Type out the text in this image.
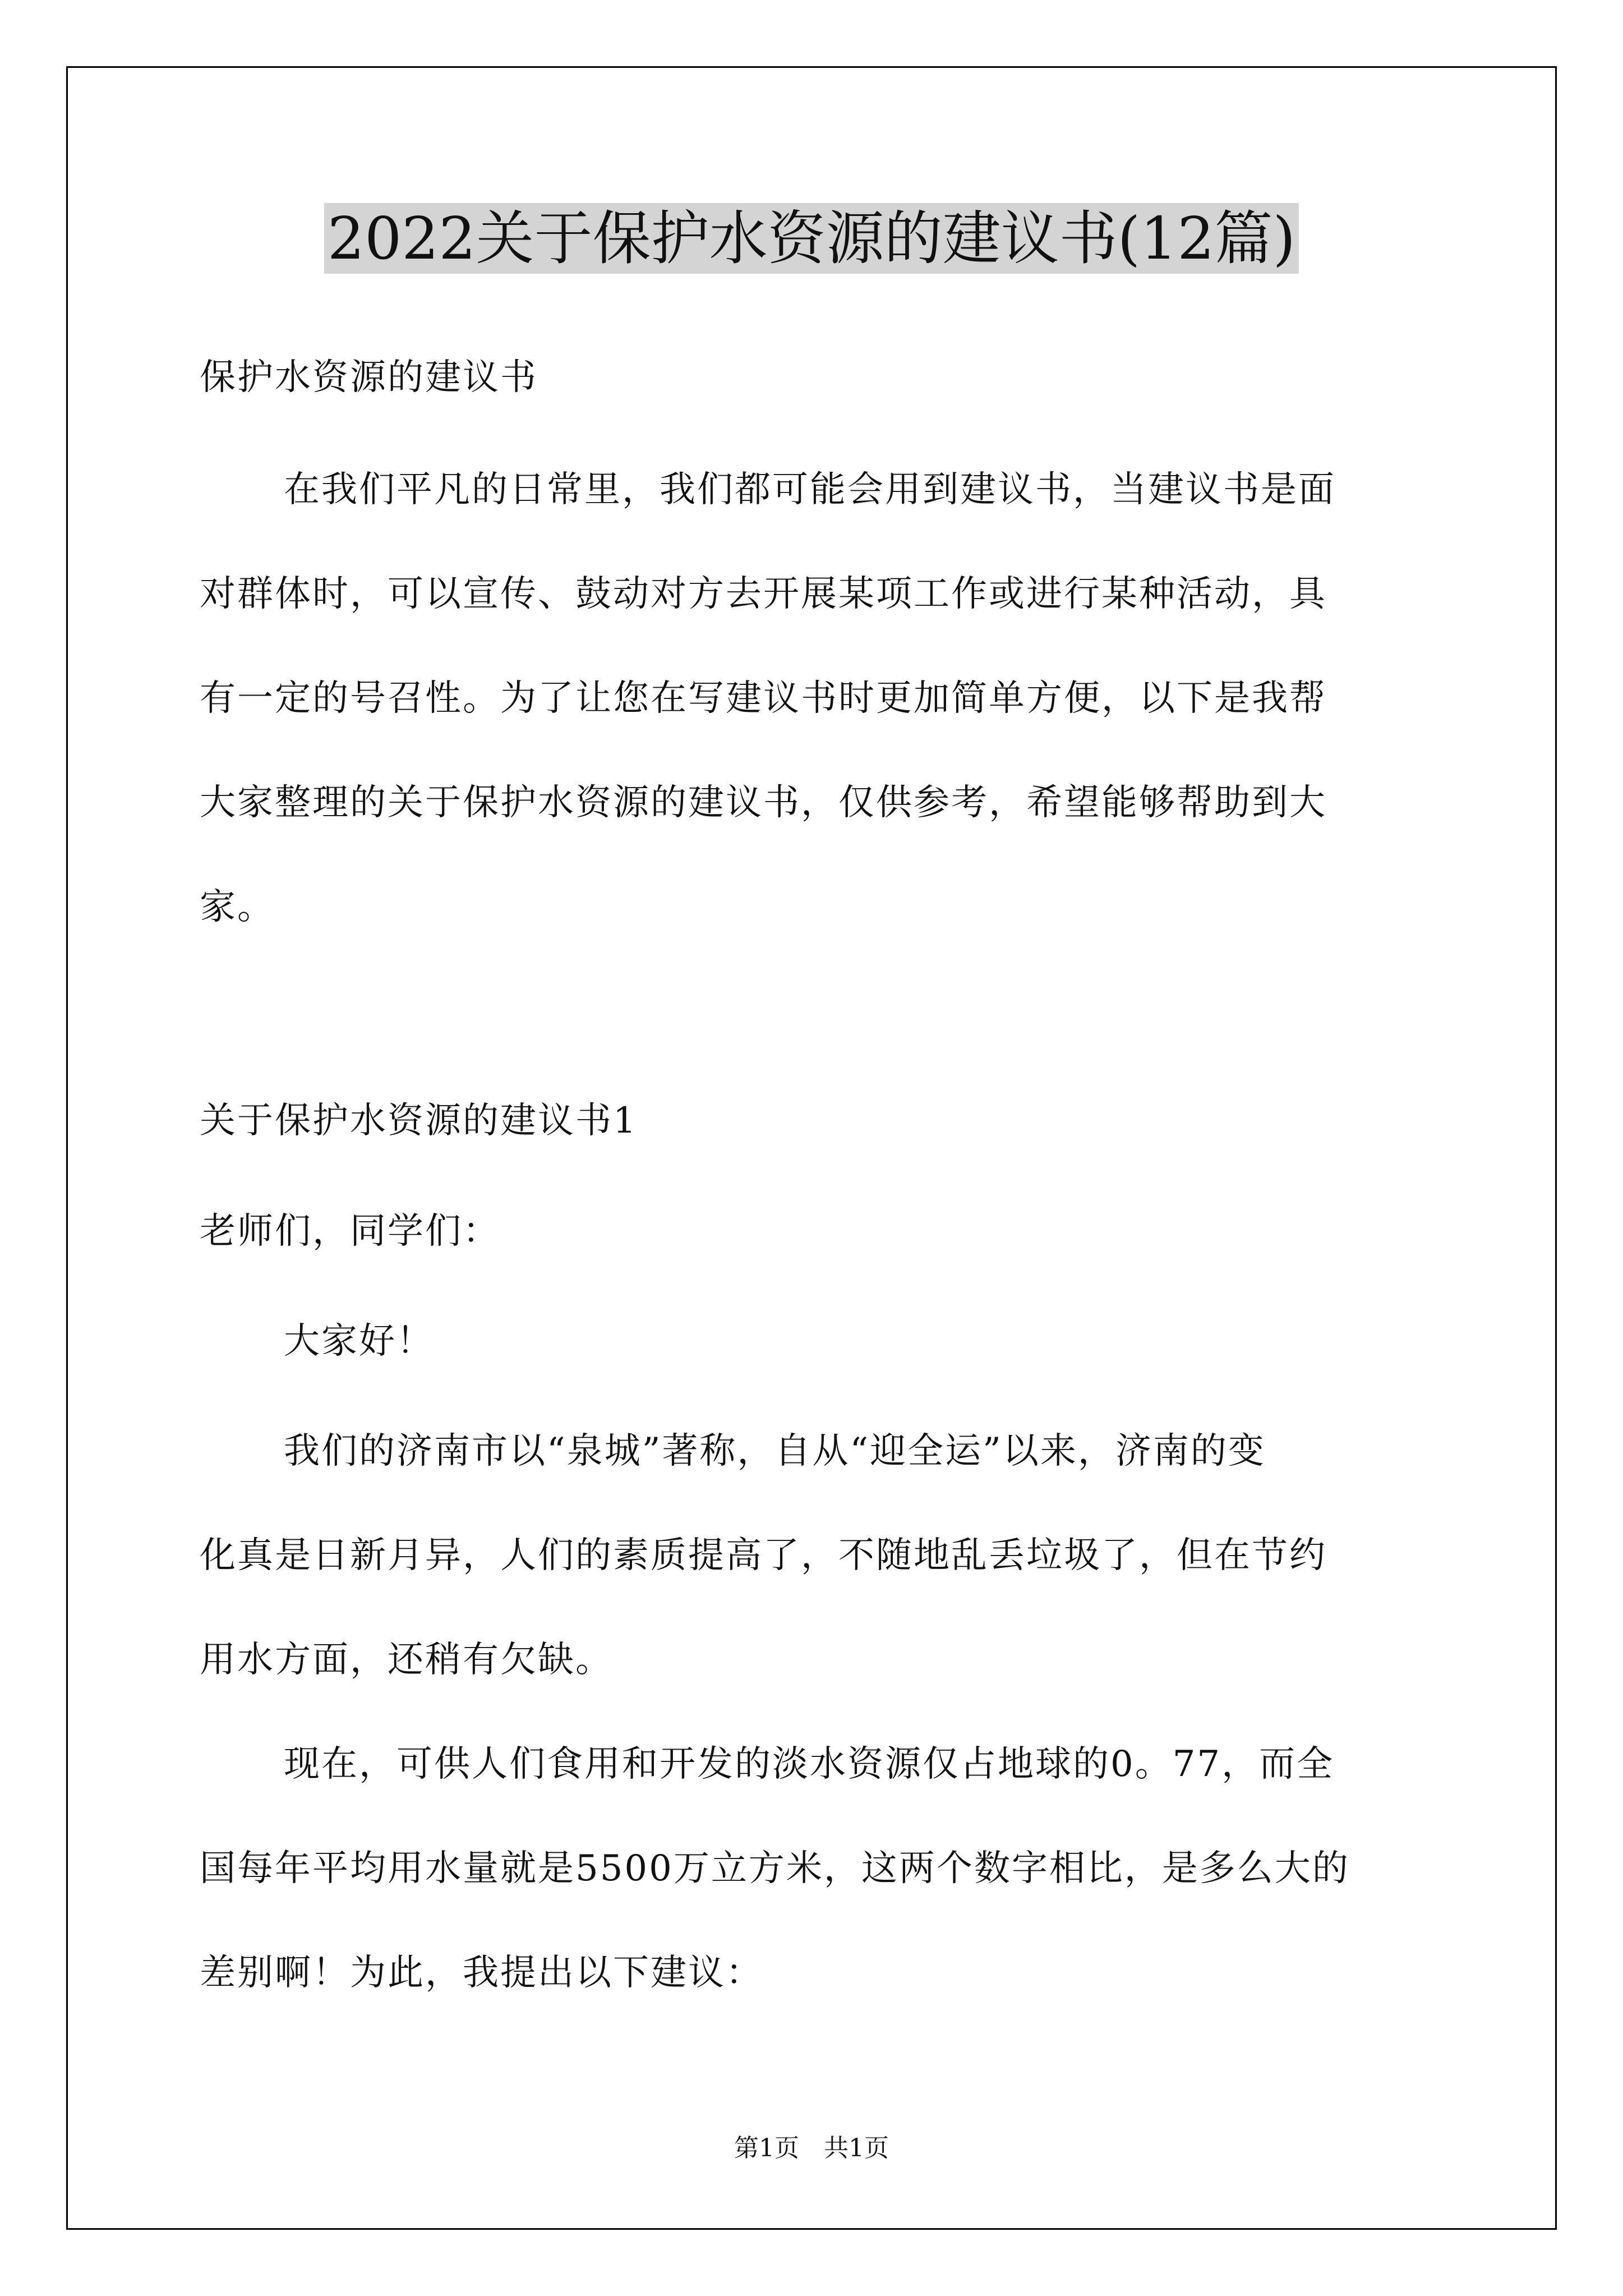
2022关于保护水资源的建议书(12篇)
保护水资源的建议书
在我们平凡的日常里，我们都可能会用到建议书，当建议书是面
对群体时，可以宣传、鼓动对方去开展某项工作或进行某种活动，具
有一定的号召性。为了让您在写建议书时更加简单方便，以下是我帮
大家整理的关于保护水资源的建议书，仅供参考，希望能够帮助到大
家。
关于保护水资源的建议书1
老师们，同学们：
大家好！
我们的济南市以“泉城”著称，自从“迎全运”以来，济南的变
化真是日新月异，人们的素质提高了，不随地乱丢垃圾了，但在节约
用水方面，还稍有欠缺。
现在，可供人们食用和开发的淡水资源仅占地球的0。77，而全
国每年平均用水量就是5500万立方米，这两个数字相比，是多么大的
差别啊！为此，我提出以下建议：
第1页　共1页
